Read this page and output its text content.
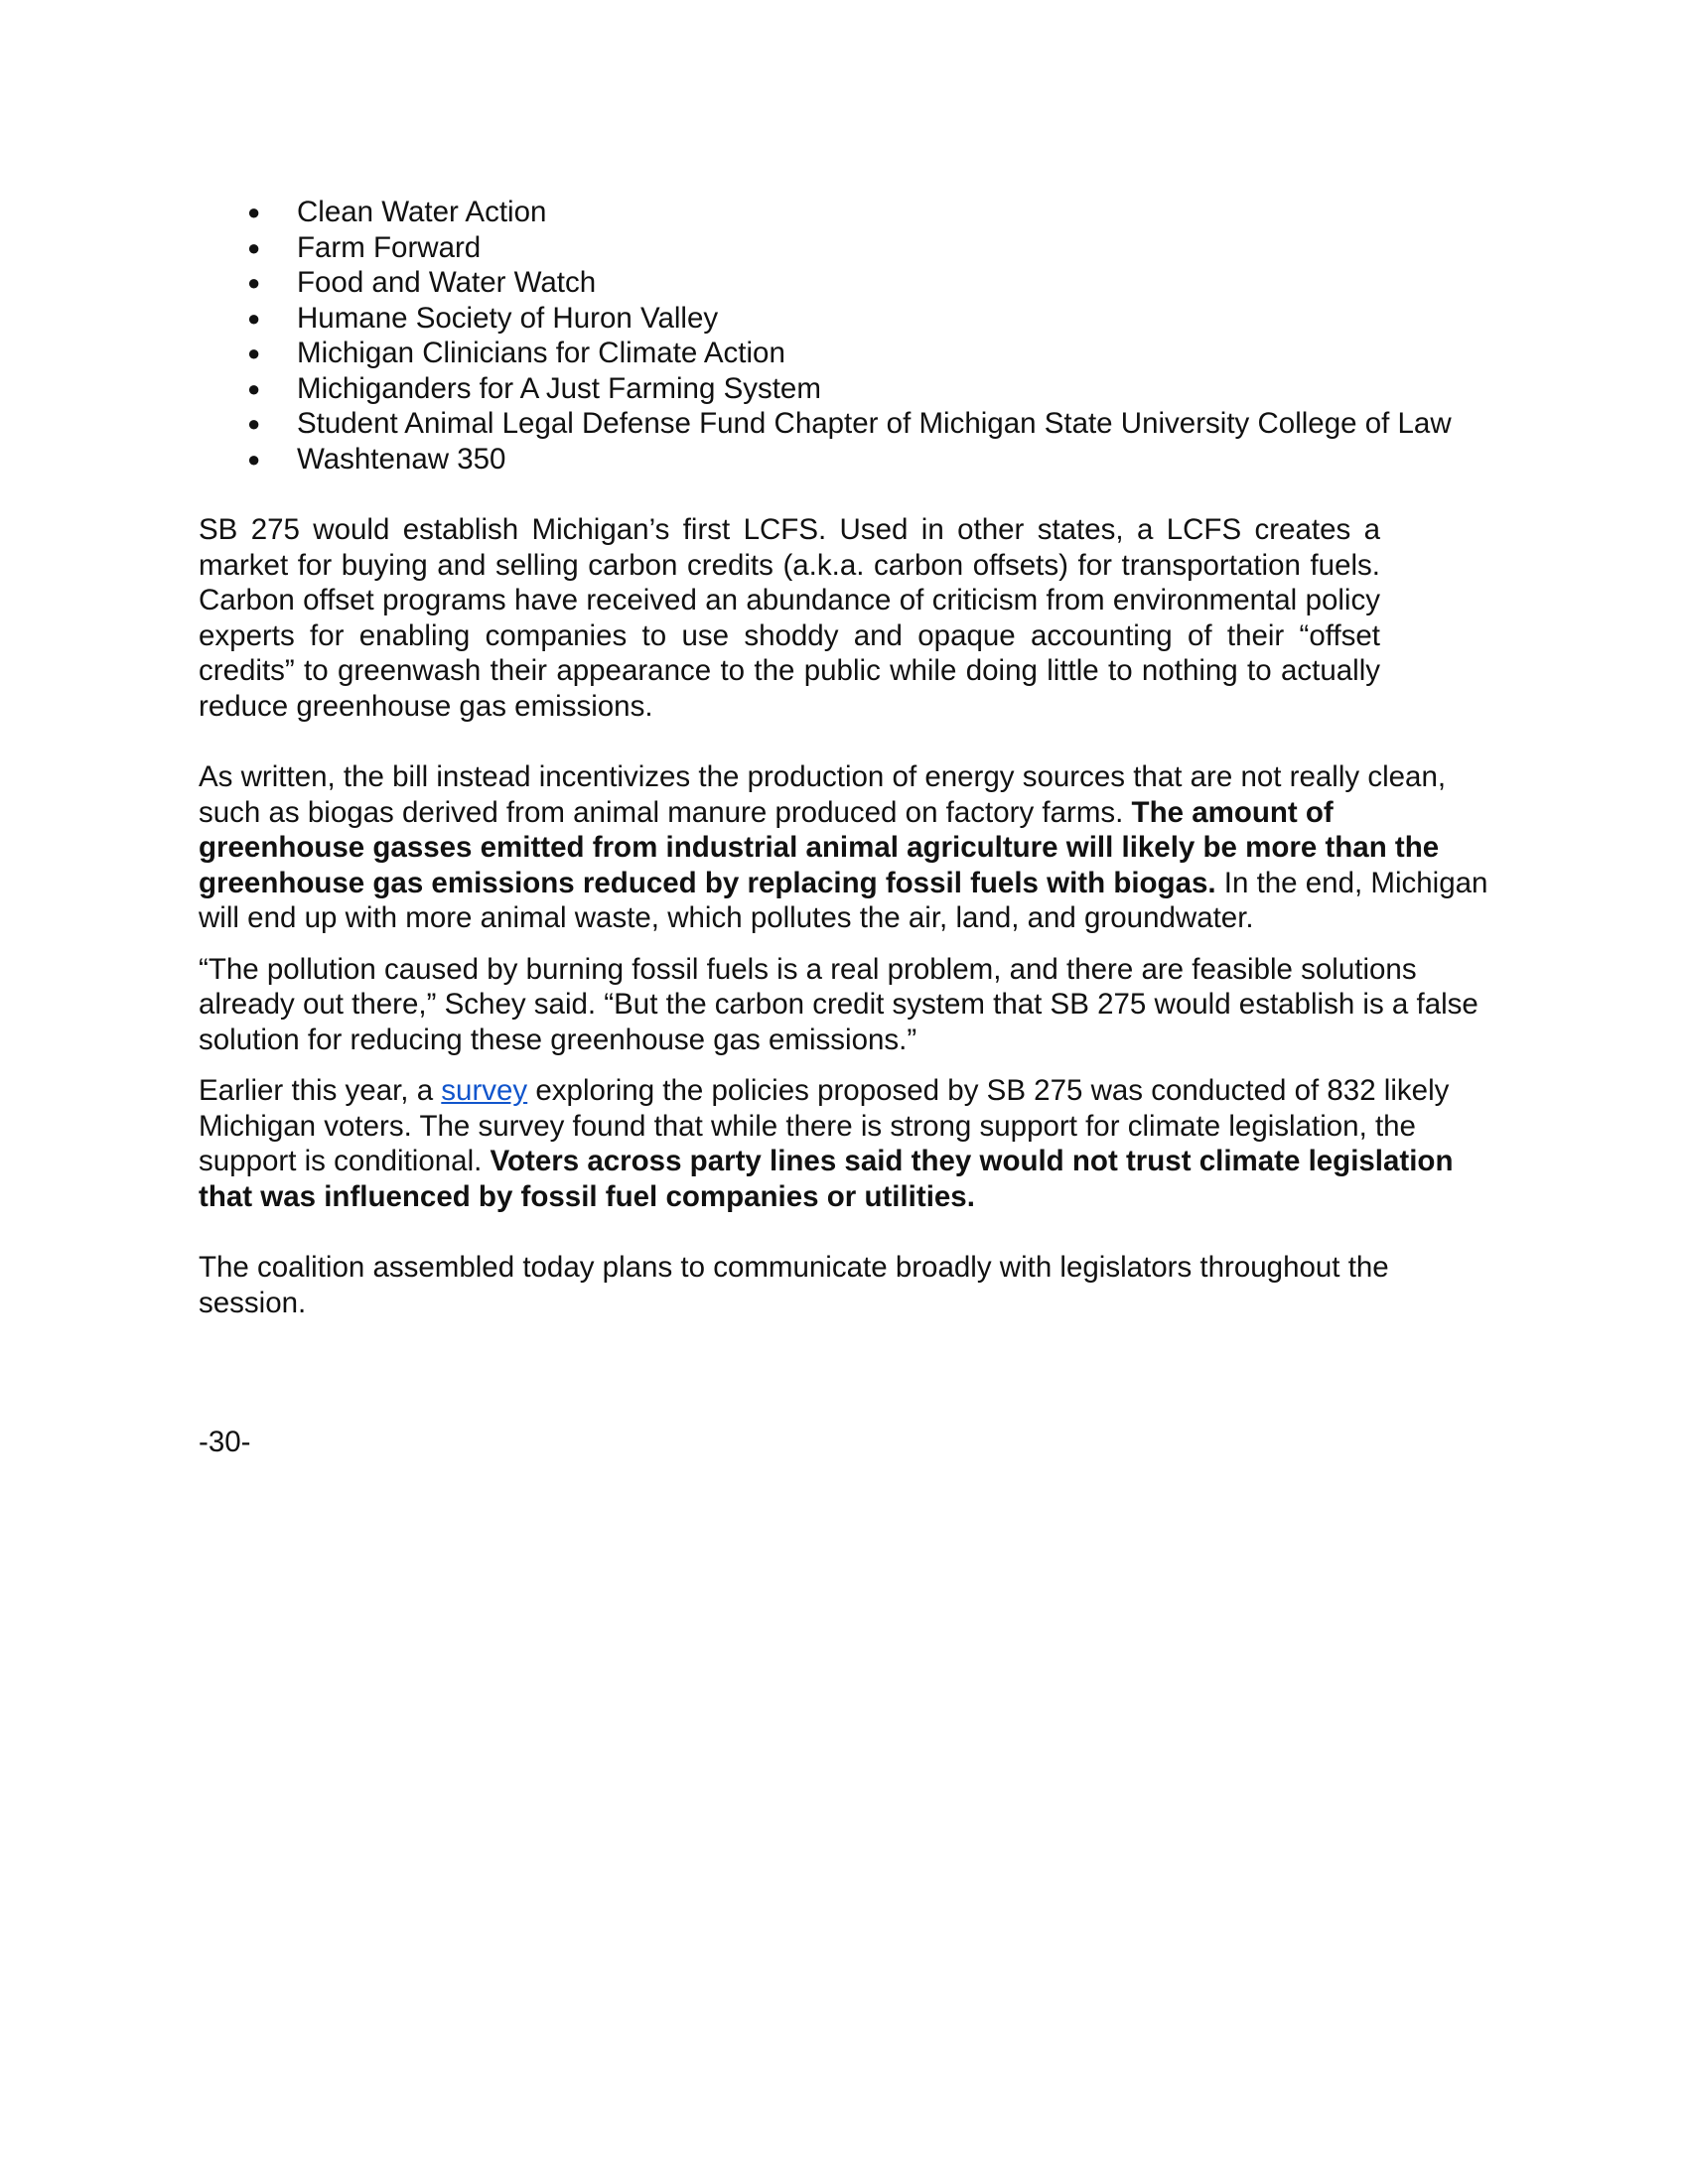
● Clean Water Action
● Farm Forward
● Food and Water Watch
● Humane Society of Huron Valley
● Michigan Clinicians for Climate Action
● Michiganders for A Just Farming System
● Student Animal Legal Defense Fund Chapter of Michigan State University College of Law
● Washtenaw 350

SB 275 would establish Michigan’s first LCFS. Used in other states, a LCFS creates a market for buying and selling carbon credits (a.k.a. carbon offsets) for transportation fuels. Carbon offset programs have received an abundance of criticism from environmental policy experts for enabling companies to use shoddy and opaque accounting of their “offset credits” to greenwash their appearance to the public while doing little to nothing to actually reduce greenhouse gas emissions.

As written, the bill instead incentivizes the production of energy sources that are not really clean, such as biogas derived from animal manure produced on factory farms. The amount of greenhouse gasses emitted from industrial animal agriculture will likely be more than the greenhouse gas emissions reduced by replacing fossil fuels with biogas. In the end, Michigan will end up with more animal waste, which pollutes the air, land, and groundwater.

“The pollution caused by burning fossil fuels is a real problem, and there are feasible solutions already out there,” Schey said. “But the carbon credit system that SB 275 would establish is a false solution for reducing these greenhouse gas emissions.”

Earlier this year, a survey exploring the policies proposed by SB 275 was conducted of 832 likely Michigan voters. The survey found that while there is strong support for climate legislation, the support is conditional. Voters across party lines said they would not trust climate legislation that was influenced by fossil fuel companies or utilities.

The coalition assembled today plans to communicate broadly with legislators throughout the session.

-30-
